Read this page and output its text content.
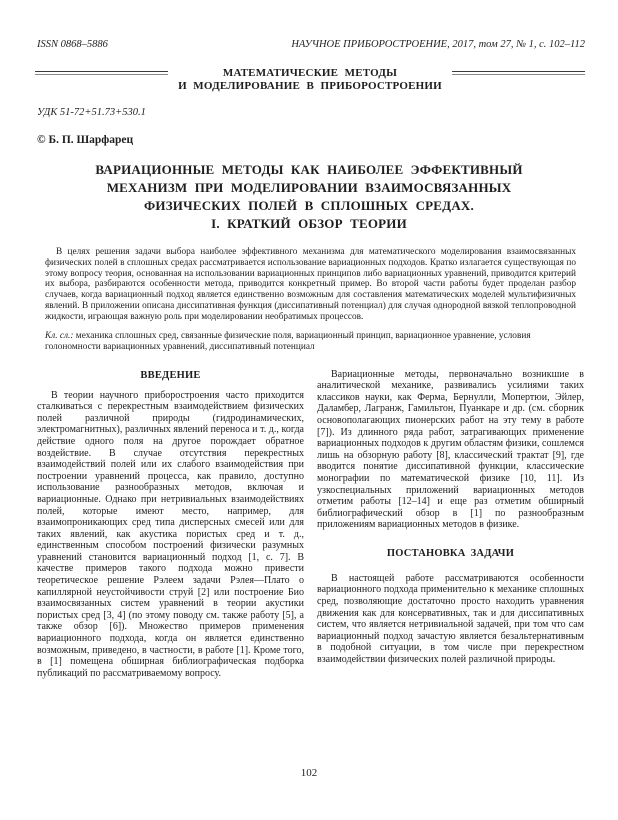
ISSN 0868–5886	НАУЧНОЕ ПРИБОРОСТРОЕНИЕ, 2017, том 27, № 1, с. 102–112
МАТЕМАТИЧЕСКИЕ МЕТОДЫ
И МОДЕЛИРОВАНИЕ В ПРИБОРОСТРОЕНИИ
УДК 51-72+51.73+530.1
© Б. П. Шарфарец
ВАРИАЦИОННЫЕ МЕТОДЫ КАК НАИБОЛЕЕ ЭФФЕКТИВНЫЙ
МЕХАНИЗМ ПРИ МОДЕЛИРОВАНИИ ВЗАИМОСВЯЗАННЫХ
ФИЗИЧЕСКИХ ПОЛЕЙ В СПЛОШНЫХ СРЕДАХ.
I. КРАТКИЙ ОБЗОР ТЕОРИИ

В целях решения задачи выбора наиболее эффективного механизма для математического моделирования взаимосвязанных физических полей в сплошных средах рассматривается использование вариационных подходов. Кратко излагается существующая по этому вопросу теория, основанная на использовании вариационных принципов либо вариационных уравнений, приводится критерий их выбора, разбираются особенности метода, приводится конкретный пример. Во второй части работы будет проделан разбор случаев, когда вариационный подход является единственно возможным для составления математических моделей мультифизичных явлений. В приложении описана диссипативная функция (диссипативный потенциал) для случая однородной вязкой теплопроводной жидкости, играющая важную роль при моделировании необратимых процессов.

Кл. сл.: механика сплошных сред, связанные физические поля, вариационный принцип, вариационное уравнение, условия голономности вариационных уравнений, диссипативный потенциал

ВВЕДЕНИЕ

В теории научного приборостроения часто приходится сталкиваться с перекрестным взаимодействием физических полей различной природы (гидродинамических, электромагнитных), различных явлений переноса и т. д., когда действие одного поля на другое порождает обратное воздействие. В случае отсутствия перекрестных взаимодействий полей или их слабого взаимодействия при построении уравнений процесса, как правило, доступно использование разнообразных методов, включая и вариационные. Однако при нетривиальных взаимодействиях полей, которые имеют место, например, для взаимопроникающих сред типа дисперсных смесей или для таких явлений, как акустика пористых сред и т. д., единственным способом построений физически разумных уравнений становится вариационный подход [1, с. 7]. В качестве примеров такого подхода можно привести теоретическое решение Рэлеем задачи Рэлея—Плато о капиллярной неустойчивости струй [2] или построение Био взаимосвязанных систем уравнений в теории акустики пористых сред [3, 4] (по этому поводу см. также работу [5], а также обзор [6]). Множество примеров применения вариационного подхода, когда он является единственно возможным, приведено, в частности, в работе [1]. Кроме того, в [1] помещена обширная библиографическая подборка публикаций по рассматриваемому вопросу.

Вариационные методы, первоначально возникшие в аналитической механике, развивались усилиями таких классиков науки, как Ферма, Бернулли, Мопертюи, Эйлер, Даламбер, Лагранж, Гамильтон, Пуанкаре и др. (см. сборник основополагающих пионерских работ на эту тему в работе [7]). Из длинного ряда работ, затрагивающих применение вариационных подходов к другим областям физики, сошлемся лишь на обзорную работу [8], классический трактат [9], где вводится понятие диссипативной функции, классические монографии по математической физике [10, 11]. Из узкоспециальных приложений вариационных методов отметим работы [12–14] и еще раз отметим обширный библиографический обзор в [1] по разнообразным приложениям вариационных методов в физике.

ПОСТАНОВКА ЗАДАЧИ

В настоящей работе рассматриваются особенности вариационного подхода применительно к механике сплошных сред, позволяющие достаточно просто находить уравнения движения как для консервативных, так и для диссипативных систем, что является нетривиальной задачей, при том что сам вариационный подход зачастую является безальтернативным в подобной ситуации, в том числе при перекрестном взаимодействии физических полей различной природы.

102
